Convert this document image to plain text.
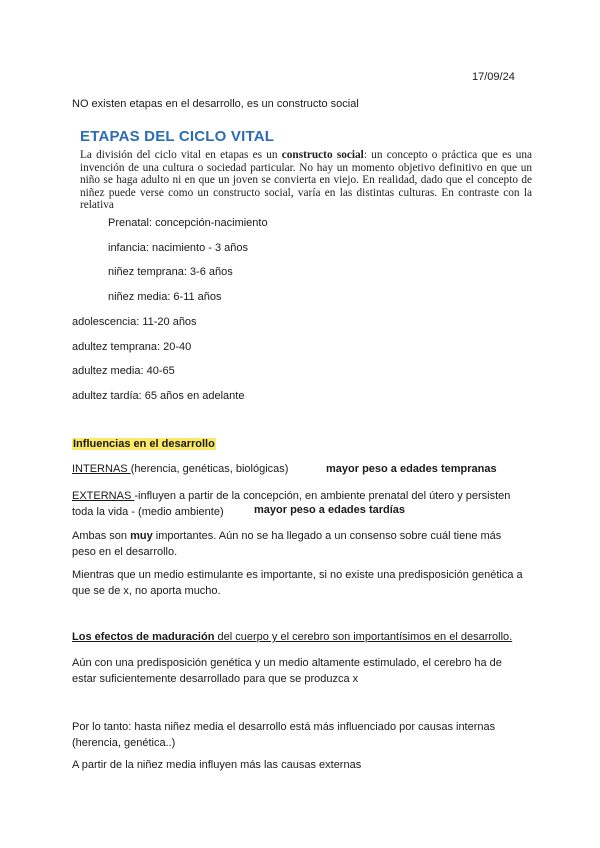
17/09/24
NO existen etapas en el desarrollo, es un constructo social
ETAPAS DEL CICLO VITAL

La división del ciclo vital en etapas es un constructo social: un concepto o práctica que es una invención de una cultura o sociedad particular. No hay un momento objetivo definitivo en que un niño se haga adulto ni en que un joven se convierta en viejo. En realidad, dado que el concepto de niñez puede verse como un constructo social, varía en las distintas culturas. En contraste con la relativa

Prenatal: concepción-nacimiento
infancia: nacimiento - 3 años
niñez temprana: 3-6 años
niñez media: 6-11 años
adolescencia: 11-20 años
adultez temprana: 20-40
adultez media: 40-65
adultez tardía: 65 años en adelante
Influencias en el desarrollo
INTERNAS (herencia, genéticas, biológicas)	mayor peso a edades tempranas
EXTERNAS -influyen a partir de la concepción, en ambiente prenatal del útero y persisten toda la vida - (medio ambiente)	mayor peso a edades tardías
Ambas son muy importantes. Aún no se ha llegado a un consenso sobre cuál tiene más peso en el desarrollo.
Mientras que un medio estimulante es importante, si no existe una predisposición genética a que se de x, no aporta mucho.
Los efectos de maduración del cuerpo y el cerebro son importantísimos en el desarrollo.
Aún con una predisposición genética y un medio altamente estimulado, el cerebro ha de estar suficientemente desarrollado para que se produzca x
Por lo tanto: hasta niñez media el desarrollo está más influenciado por causas internas (herencia, genética..)
A partir de la niñez media influyen más las causas externas
